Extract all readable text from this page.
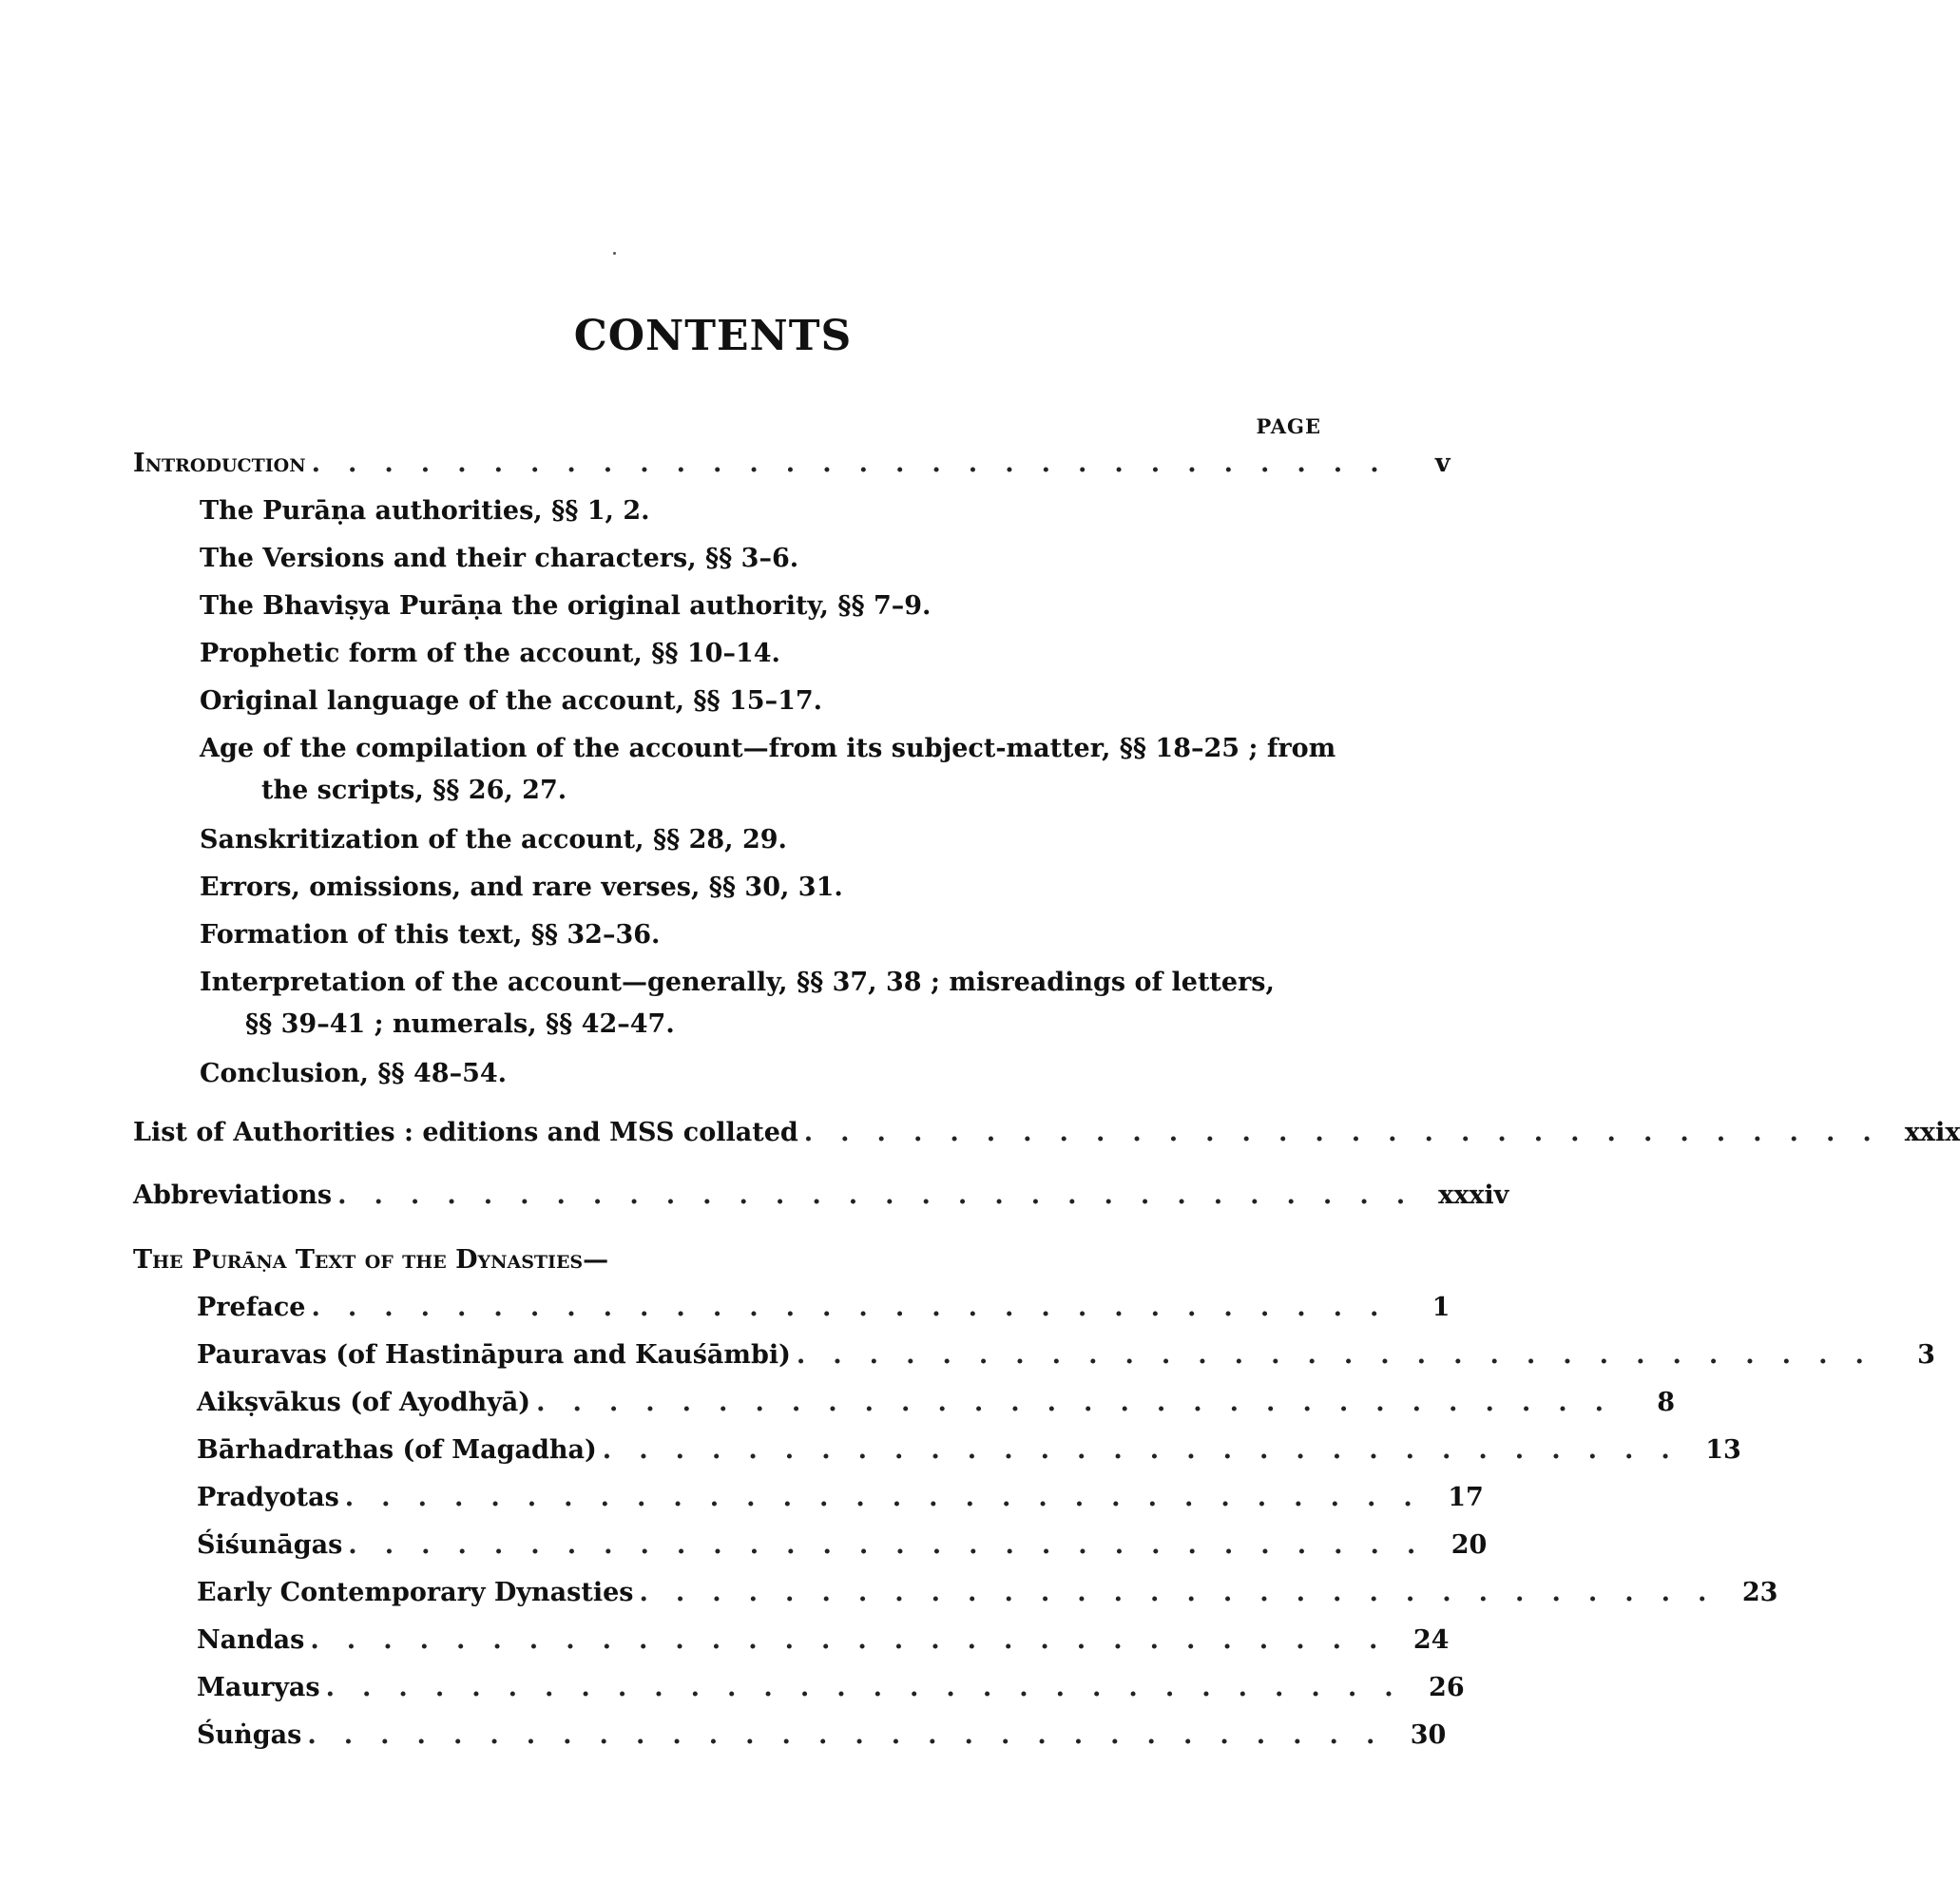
CONTENTS
PAGE
Introduction ..............................	v
The Purāṇa authorities, §§ 1, 2.
The Versions and their characters, §§ 3–6.
The Bhaviṣya Purāṇa the original authority, §§ 7–9.
Prophetic form of the account, §§ 10–14.
Original language of the account, §§ 15–17.
Age of the compilation of the account—from its subject-matter, §§ 18–25 ; from
the scripts, §§ 26, 27.
Sanskritization of the account, §§ 28, 29.
Errors, omissions, and rare verses, §§ 30, 31.
Formation of this text, §§ 32–36.
Interpretation of the account—generally, §§ 37, 38 ; misreadings of letters,
§§ 39–41 ; numerals, §§ 42–47.
Conclusion, §§ 48–54.
List of Authorities : editions and MSS collated .............................. xxix
Abbreviations .............................. xxxiv
The Purāṇa Text of the Dynasties—
Preface ..............................	1
Pauravas (of Hastināpura and Kauśāmbi) ..............................	3
Aikṣvākus (of Ayodhyā) ..............................	8
Bārhadrathas (of Magadha) .............................. 13
Pradyotas .............................. 17
Śiśunāgas .............................. 20
Early Contemporary Dynasties .............................. 23
Nandas .............................. 24
Mauryas .............................. 26
Śuṅgas .............................. 30
